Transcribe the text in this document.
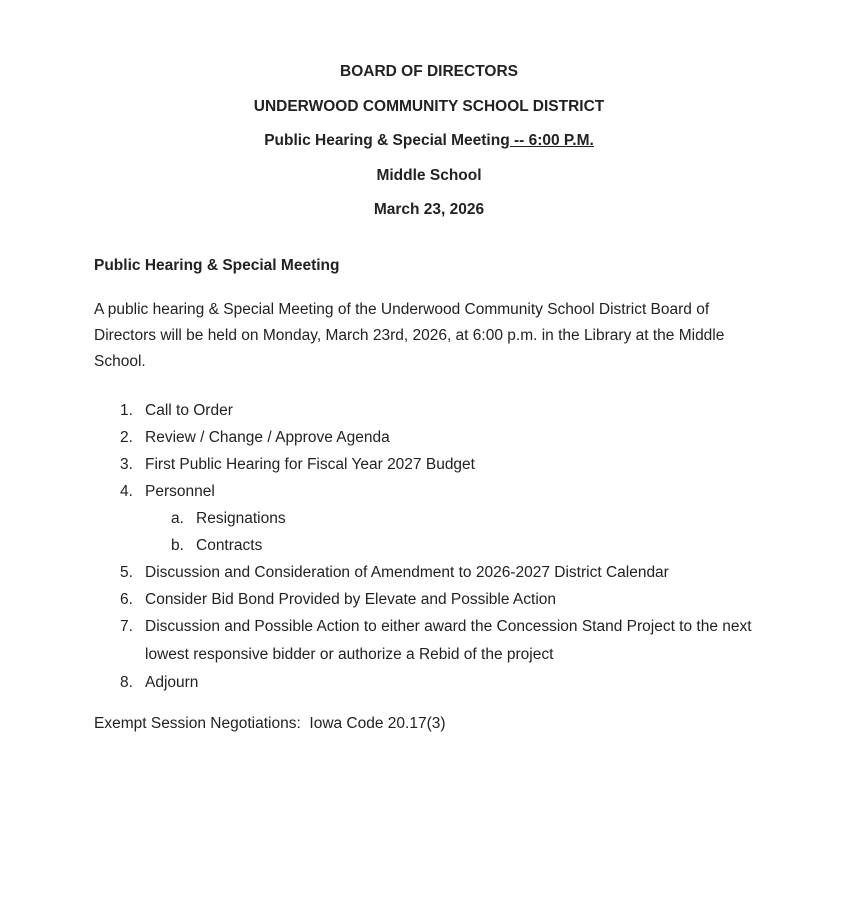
BOARD OF DIRECTORS
UNDERWOOD COMMUNITY SCHOOL DISTRICT
Public Hearing & Special Meeting -- 6:00 P.M.
Middle School
March 23, 2026
Public Hearing & Special Meeting
A public hearing & Special Meeting of the Underwood Community School District Board of Directors will be held on Monday, March 23rd, 2026, at 6:00 p.m. in the Library at the Middle School.
1. Call to Order
2. Review / Change / Approve Agenda
3. First Public Hearing for Fiscal Year 2027 Budget
4. Personnel
a. Resignations
b. Contracts
5. Discussion and Consideration of Amendment to 2026-2027 District Calendar
6. Consider Bid Bond Provided by Elevate and Possible Action
7. Discussion and Possible Action to either award the Concession Stand Project to the next lowest responsive bidder or authorize a Rebid of the project
8. Adjourn
Exempt Session Negotiations:  Iowa Code 20.17(3)
